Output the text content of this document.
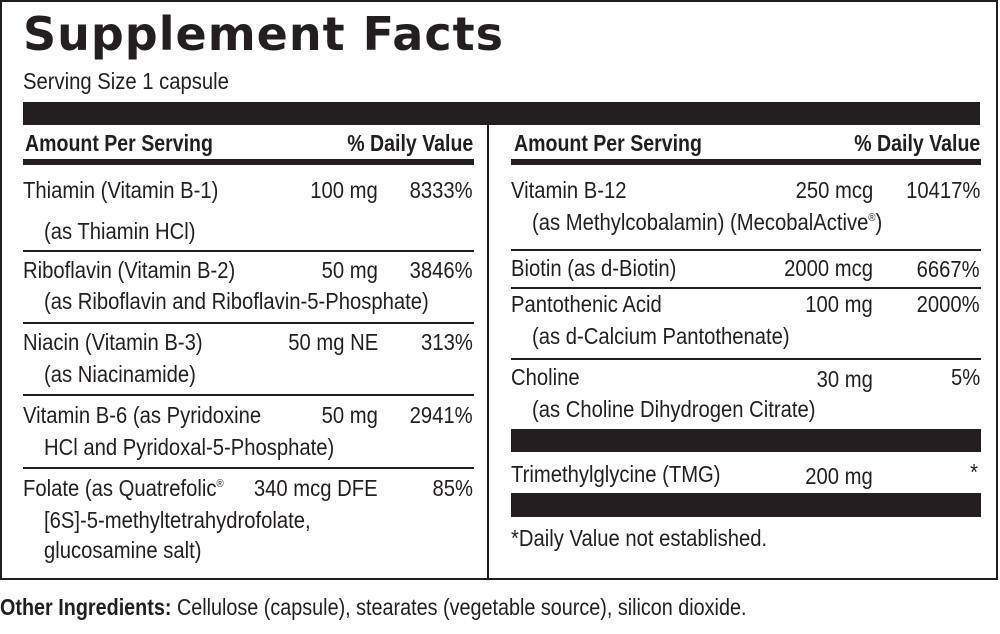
Supplement Facts
Serving Size 1 capsule
Amount Per Serving	% Daily Value
Thiamin (Vitamin B-1)	100 mg 8333%
(as Thiamin HCl)
Riboflavin (Vitamin B-2)	50 mg 3846%
(as Riboflavin and Riboflavin-5-Phosphate)
Niacin (Vitamin B-3)	50 mg NE 313%
(as Niacinamide)
Vitamin B-6 (as Pyridoxine	50 mg 2941%
HCl and Pyridoxal-5-Phosphate)
Folate (as Quatrefolic® 340 mcg DFE 85%
[6S]-5-methyltetrahydrofolate,
glucosamine salt)
Amount Per Serving	% Daily Value
Vitamin B-12	250 mcg 10417%
(as Methylcobalamin) (MecobalActive®)
Biotin (as d-Biotin)	2000 mcg 6667%
Pantothenic Acid	100 mg 2000%
(as d-Calcium Pantothenate)
Choline	30 mg	5%
(as Choline Dihydrogen Citrate)
Trimethylglycine (TMG)	200 mg	*
*Daily Value not established.
Other Ingredients: Cellulose (capsule), stearates (vegetable source), silicon dioxide.
